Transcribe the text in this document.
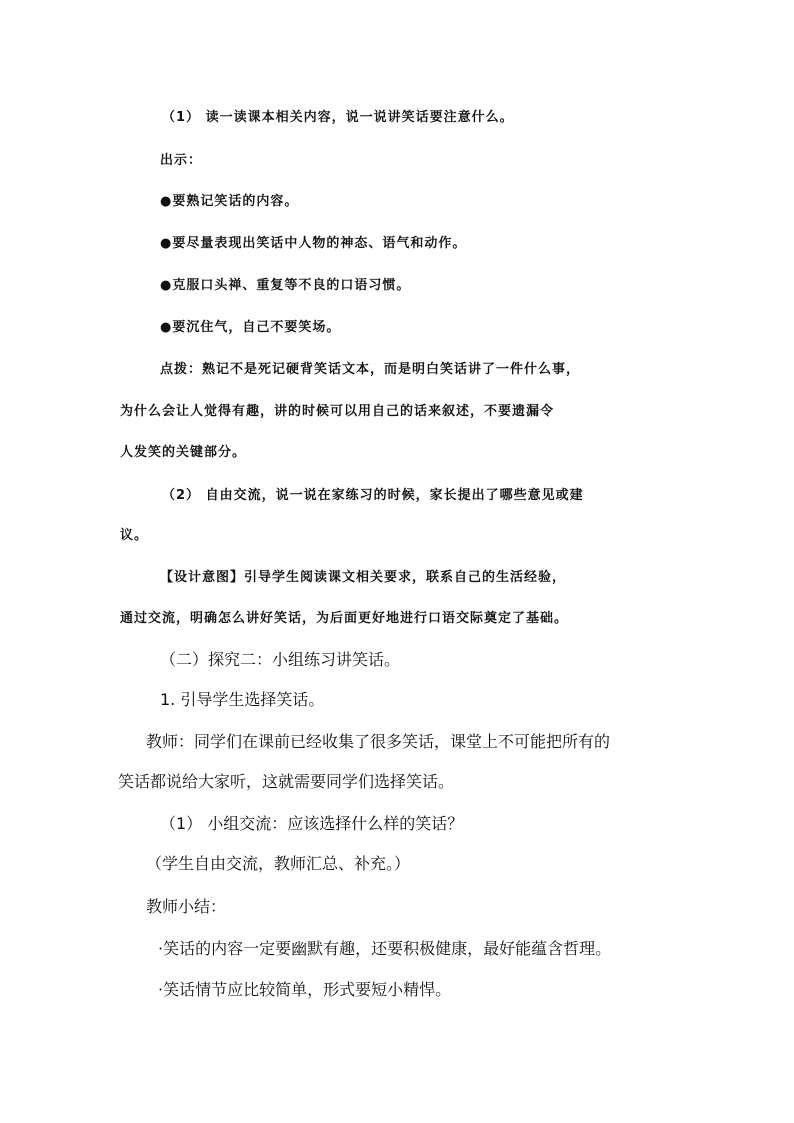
（1） 读一读课本相关内容，说一说讲笑话要注意什么。

出示：

●要熟记笑话的内容。

●要尽量表现出笑话中人物的神态、语气和动作。

●克服口头禅、重复等不良的口语习惯。

●要沉住气，自己不要笑场。

点拨：熟记不是死记硬背笑话文本，而是明白笑话讲了一件什么事，

为什么会让人觉得有趣，讲的时候可以用自己的话来叙述，不要遗漏令

人发笑的关键部分。

（2） 自由交流，说一说在家练习的时候，家长提出了哪些意见或建

议。

【设计意图】引导学生阅读课文相关要求，联系自己的生活经验，

通过交流，明确怎么讲好笑话，为后面更好地进行口语交际奠定了基础。

（二）探究二：小组练习讲笑话。

1. 引导学生选择笑话。

教师：同学们在课前已经收集了很多笑话，课堂上不可能把所有的

笑话都说给大家听，这就需要同学们选择笑话。

（1） 小组交流：应该选择什么样的笑话？

（学生自由交流，教师汇总、补充。）

教师小结：

·笑话的内容一定要幽默有趣，还要积极健康，最好能蕴含哲理。

·笑话情节应比较简单，形式要短小精悍。
